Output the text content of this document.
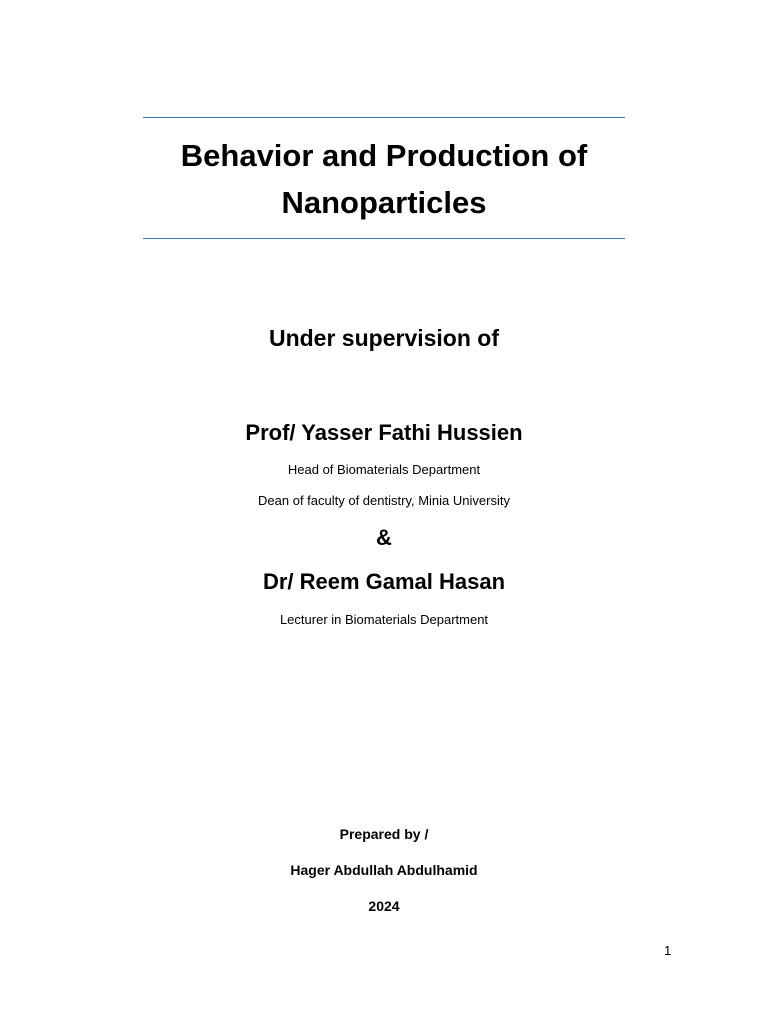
Behavior and Production of
Nanoparticles
Under supervision of
Prof/ Yasser Fathi Hussien
Head of Biomaterials Department
Dean of faculty of dentistry, Minia University
&
Dr/ Reem Gamal Hasan
Lecturer in Biomaterials Department
Prepared by /
Hager Abdullah Abdulhamid
2024
1
